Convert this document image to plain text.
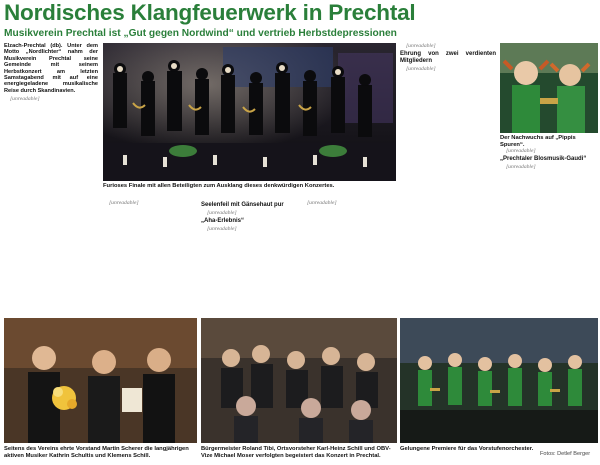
Nordisches Klangfeuerwerk in Prechtal
Musikverein Prechtal ist „Gut gegen Nordwind“ und vertrieb Herbstdepressionen
Furioses Finale mit allen Beteiligten zum Ausklang dieses denkwürdigen Konzertes.
Der Nachwuchs auf „Pippis Spuren“.

Elzach-Prechtal (db). Unter dem Motto „Nordlichter“ nahm der Musikverein Prechtal seine Gemeinde mit seinem Herbstkonzert am letzten Samstagabend mit auf eine energiegeladene musikalische Reise durch Skandinavien.

[unreadable]

[unreadable]	Seelenfeil mit Gänsehaut pur

[unreadable]

„Aha-Erlebnis“

[unreadable]

[unreadable]

[unreadable]

Ehrung von zwei verdienten Mitgliedern

[unreadable]

[unreadable]

„Prechtaler Blosmusik-Gaudi“

[unreadable]

Seitens des Vereins ehrte Vorstand Martin Scherer die langjährigen aktiven Musiker Kathrin Schultis und Klemens Schill.
Bürgermeister Roland Tibi, Ortsvorsteher Karl-Heinz Schill und OBV-Vize Michael Moser verfolgten begeistert das Konzert in Prechtal.
Gelungene Premiere für das Vorstufenorchester.
Fotos: Detlef Berger
